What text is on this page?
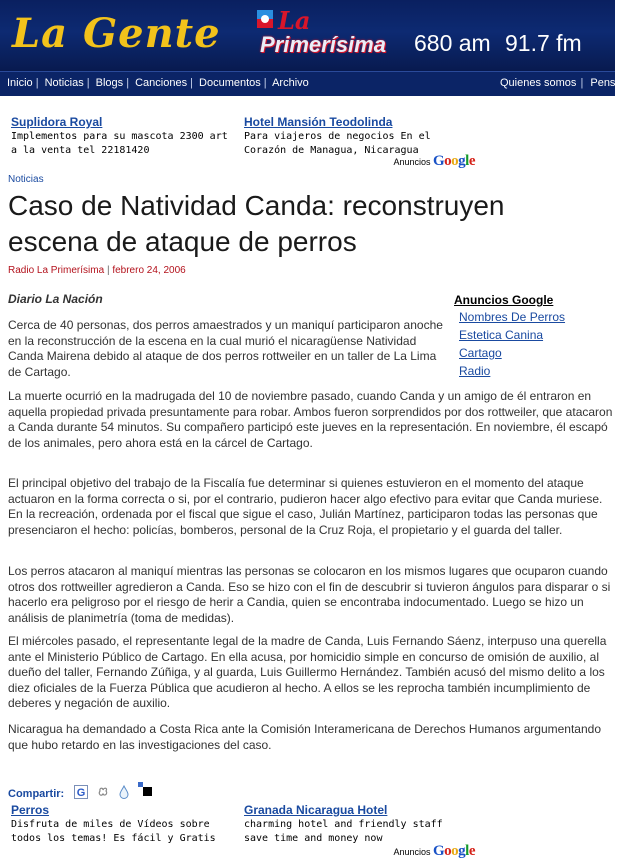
La Gente La
Primerísima 680 am 91.7 fm
Inicio | Noticias | Blogs | Canciones | Documentos | Archivo	Quienes somos | Pensa
Suplidora Royal
Implementos para su mascota 2300 art a la venta tel 22181420
Hotel Mansión Teodolinda
Para viajeros de negocios En el Corazón de Managua, Nicaragua
Anuncios Google
Noticias
Caso de Natividad Canda: reconstruyen escena de ataque de perros
Radio La Primerísima | febrero 24, 2006
Diario La Nación

Cerca de 40 personas, dos perros amaestrados y un maniquí participaron anoche en la reconstrucción de la escena en la cual murió el nicaragüense Natividad Canda Mairena debido al ataque de dos perros rottweiler en un taller de La Lima de Cartago.

La muerte ocurrió en la madrugada del 10 de noviembre pasado, cuando Canda y un amigo de él entraron en aquella propiedad privada presuntamente para robar. Ambos fueron sorprendidos por dos rottweiler, que atacaron a Canda durante 54 minutos. Su compañero participó este jueves en la representación. En noviembre, él escapó de los animales, pero ahora está en la cárcel de Cartago.

El principal objetivo del trabajo de la Fiscalía fue determinar si quienes estuvieron en el momento del ataque actuaron en la forma correcta o si, por el contrario, pudieron hacer algo efectivo para evitar que Canda muriese. En la recreación, ordenada por el fiscal que sigue el caso, Julián Martínez, participaron todas las personas que presenciaron el hecho: policías, bomberos, personal de la Cruz Roja, el propietario y el guarda del taller.

Los perros atacaron al maniquí mientras las personas se colocaron en los mismos lugares que ocuparon cuando otros dos rottweiller agredieron a Canda. Eso se hizo con el fin de descubrir si tuvieron ángulos para disparar o si hacerlo era peligroso por el riesgo de herir a Candia, quien se encontraba indocumentado. Luego se hizo un análisis de planimetría (toma de medidas).

El miércoles pasado, el representante legal de la madre de Canda, Luis Fernando Sáenz, interpuso una querella ante el Ministerio Público de Cartago. En ella acusa, por homicidio simple en concurso de omisión de auxilio, al dueño del taller, Fernando Zúñiga, y al guarda, Luis Guillermo Hernández. También acusó del mismo delito a los diez oficiales de la Fuerza Pública que acudieron al hecho. A ellos se les reprocha también incumplimiento de deberes y negación de auxilio.

Nicaragua ha demandado a Costa Rica ante la Comisión Interamericana de Derechos Humanos argumentando que hubo retardo en las investigaciones del caso.

Anuncios Google
Nombres De Perros
Estetica Canina
Cartago
Radio
Compartir: G
Perros
Disfruta de miles de Vídeos sobre todos los temas! Es fácil y Gratis
Granada Nicaragua Hotel
charming hotel and friendly staff save time and money now
Anuncios Google
